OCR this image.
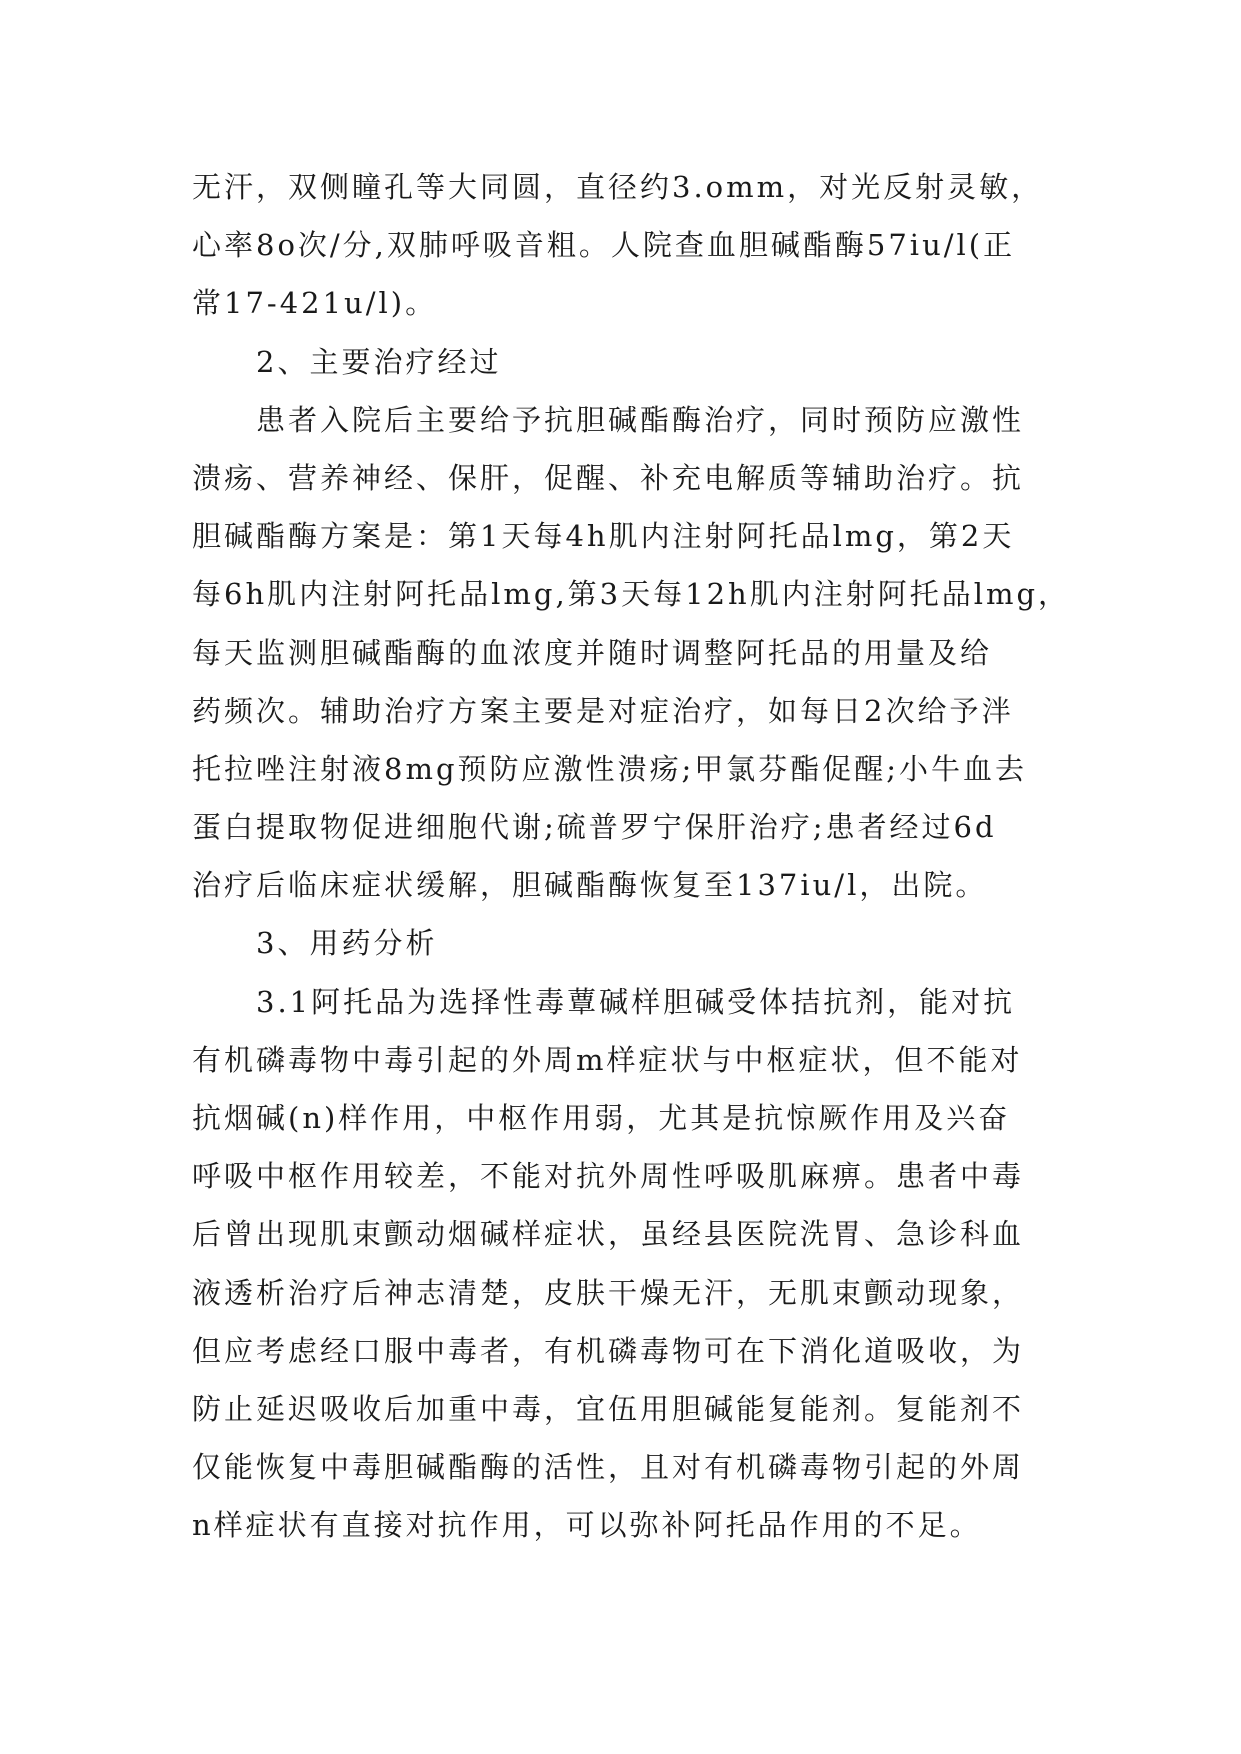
无汗，双侧瞳孔等大同圆，直径约3.omm，对光反射灵敏，
心率8o次/分,双肺呼吸音粗。人院查血胆碱酯酶57iu/l(正
常17-421u/l)。
2、主要治疗经过
患者入院后主要给予抗胆碱酯酶治疗，同时预防应激性
溃疡、营养神经、保肝，促醒、补充电解质等辅助治疗。抗
胆碱酯酶方案是：第1天每4h肌内注射阿托品lmg，第2天
每6h肌内注射阿托品lmg,第3天每12h肌内注射阿托品lmg，
每天监测胆碱酯酶的血浓度并随时调整阿托品的用量及给
药频次。辅助治疗方案主要是对症治疗，如每日2次给予泮
托拉唑注射液8mg预防应激性溃疡;甲氯芬酯促醒;小牛血去
蛋白提取物促进细胞代谢;硫普罗宁保肝治疗;患者经过6d
治疗后临床症状缓解，胆碱酯酶恢复至137iu/l，出院。
3、用药分析
3.1阿托品为选择性毒蕈碱样胆碱受体拮抗剂，能对抗
有机磷毒物中毒引起的外周m样症状与中枢症状，但不能对
抗烟碱(n)样作用，中枢作用弱，尤其是抗惊厥作用及兴奋
呼吸中枢作用较差，不能对抗外周性呼吸肌麻痹。患者中毒
后曾出现肌束颤动烟碱样症状，虽经县医院洗胃、急诊科血
液透析治疗后神志清楚，皮肤干燥无汗，无肌束颤动现象，
但应考虑经口服中毒者，有机磷毒物可在下消化道吸收，为
防止延迟吸收后加重中毒，宜伍用胆碱能复能剂。复能剂不
仅能恢复中毒胆碱酯酶的活性，且对有机磷毒物引起的外周
n样症状有直接对抗作用，可以弥补阿托品作用的不足。
